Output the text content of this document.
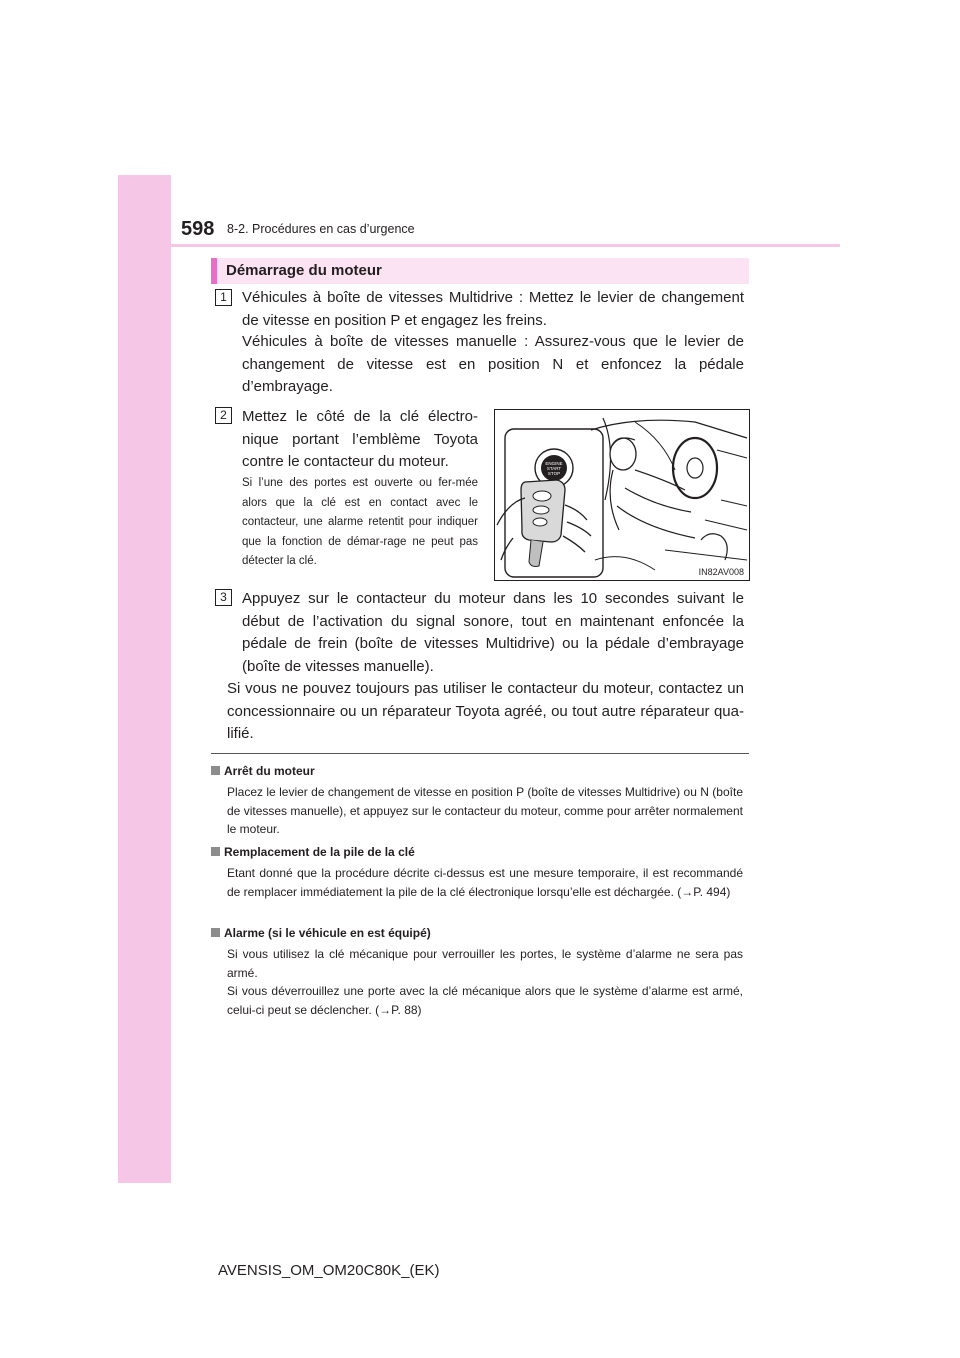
598 8-2. Procédures en cas d’urgence
Démarrage du moteur
1	Véhicules à boîte de vitesses Multidrive : Mettez le levier de changement de vitesse en position P et engagez les freins.
Véhicules à boîte de vitesses manuelle : Assurez-vous que le levier de changement de vitesse est en position N et enfoncez la pédale d’embrayage.
2	Mettez le côté de la clé électro-nique portant l’emblème Toyota contre le contacteur du moteur.
Si l’une des portes est ouverte ou fer-mée alors que la clé est en contact avec le contacteur, une alarme retentit pour indiquer que la fonction de démar-rage ne peut pas détecter la clé.
ENGINE
START
STOP
IN82AV008
3	Appuyez sur le contacteur du moteur dans les 10 secondes suivant le début de l’activation du signal sonore, tout en maintenant enfoncée la pédale de frein (boîte de vitesses Multidrive) ou la pédale d’embrayage (boîte de vitesses manuelle).
Si vous ne pouvez toujours pas utiliser le contacteur du moteur, contactez un concessionnaire ou un réparateur Toyota agréé, ou tout autre réparateur qua-lifié.
Arrêt du moteur
Placez le levier de changement de vitesse en position P (boîte de vitesses Multidrive) ou N (boîte de vitesses manuelle), et appuyez sur le contacteur du moteur, comme pour arrêter normalement le moteur.
Remplacement de la pile de la clé
Etant donné que la procédure décrite ci-dessus est une mesure temporaire, il est recommandé de remplacer immédiatement la pile de la clé électronique lorsqu’elle est déchargée. (→P. 494)
Alarme (si le véhicule en est équipé)
Si vous utilisez la clé mécanique pour verrouiller les portes, le système d’alarme ne sera pas armé.
Si vous déverrouillez une porte avec la clé mécanique alors que le système d’alarme est armé, celui-ci peut se déclencher. (→P. 88)
AVENSIS_OM_OM20C80K_(EK)
